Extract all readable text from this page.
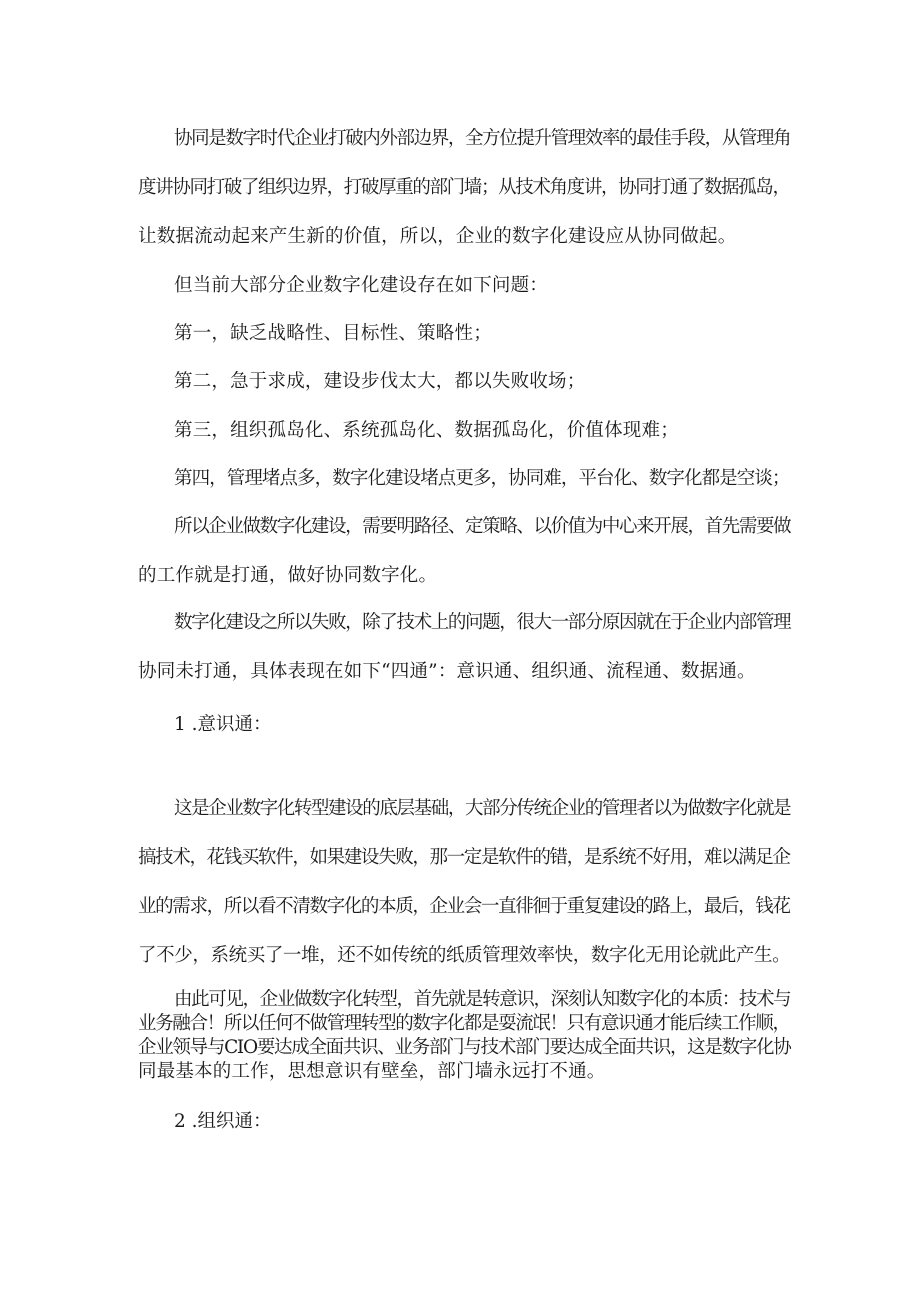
协同是数字时代企业打破内外部边界，全方位提升管理效率的最佳手段，从管理角
度讲协同打破了组织边界，打破厚重的部门墙；从技术角度讲，协同打通了数据孤岛，
让数据流动起来产生新的价值，所以，企业的数字化建设应从协同做起。
但当前大部分企业数字化建设存在如下问题：
第一，缺乏战略性、目标性、策略性；
第二，急于求成，建设步伐太大，都以失败收场；
第三，组织孤岛化、系统孤岛化、数据孤岛化，价值体现难；
第四，管理堵点多，数字化建设堵点更多，协同难，平台化、数字化都是空谈；
所以企业做数字化建设，需要明路径、定策略、以价值为中心来开展，首先需要做
的工作就是打通，做好协同数字化。
数字化建设之所以失败，除了技术上的问题，很大一部分原因就在于企业内部管理
协同未打通，具体表现在如下“四通”：意识通、组织通、流程通、数据通。
1 .意识通：
这是企业数字化转型建设的底层基础，大部分传统企业的管理者以为做数字化就是
搞技术，花钱买软件，如果建设失败，那一定是软件的错，是系统不好用，难以满足企
业的需求，所以看不清数字化的本质，企业会一直徘徊于重复建设的路上，最后，钱花
了不少，系统买了一堆，还不如传统的纸质管理效率快，数字化无用论就此产生。
由此可见，企业做数字化转型，首先就是转意识，深刻认知数字化的本质：技术与
业务融合！所以任何不做管理转型的数字化都是耍流氓！只有意识通才能后续工作顺，
企业领导与CIO要达成全面共识、业务部门与技术部门要达成全面共识，这是数字化协
同最基本的工作，思想意识有壁垒，部门墙永远打不通。
2 .组织通：
